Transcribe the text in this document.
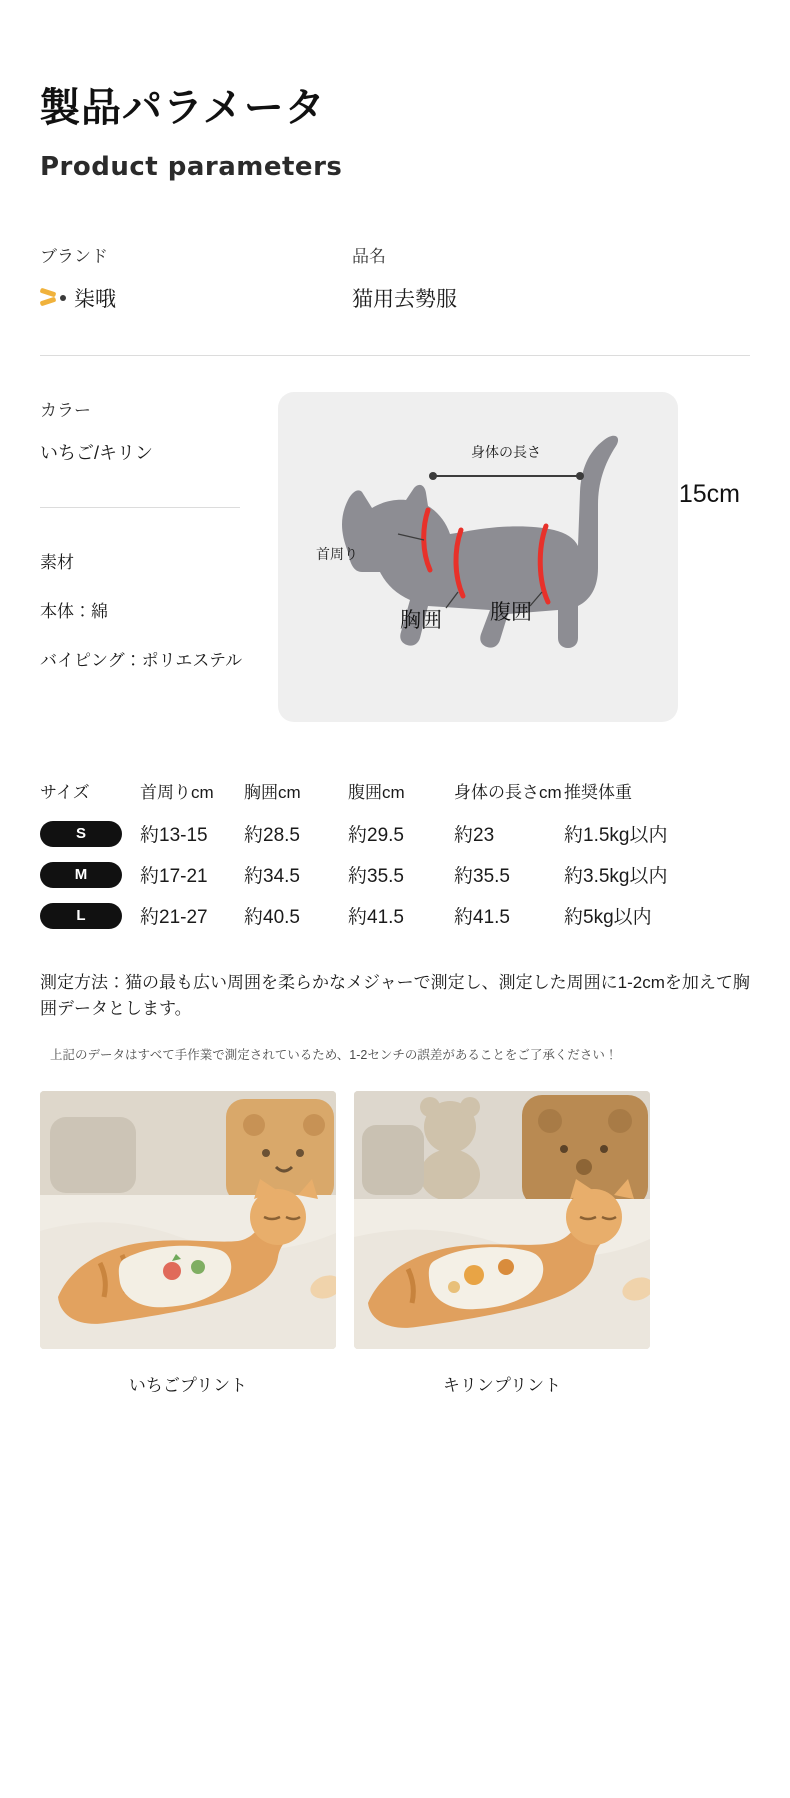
製品パラメータ
Product parameters
ブランド
柒哦
品名
猫用去勢服
カラー
いちご/キリン
素材
本体：綿
バイピング：ポリエステル
身体の長さ
首周り
胸囲 腹囲
15cm
サイズ	首周りcm	胸囲cm	腹囲cm	身体の長さcm 推奨体重
S	約13-15	約28.5	約29.5	約23	約1.5kg以内
M	約17-21	約34.5	約35.5	約35.5	約3.5kg以内
L	約21-27	約40.5	約41.5	約41.5	約5kg以内
測定方法：猫の最も広い周囲を柔らかなメジャーで測定し、測定した周囲に1-2cmを加えて胸囲データとします。
上記のデータはすべて手作業で測定されているため、1-2センチの誤差があることをご了承ください！
いちごプリント	キリンプリント
